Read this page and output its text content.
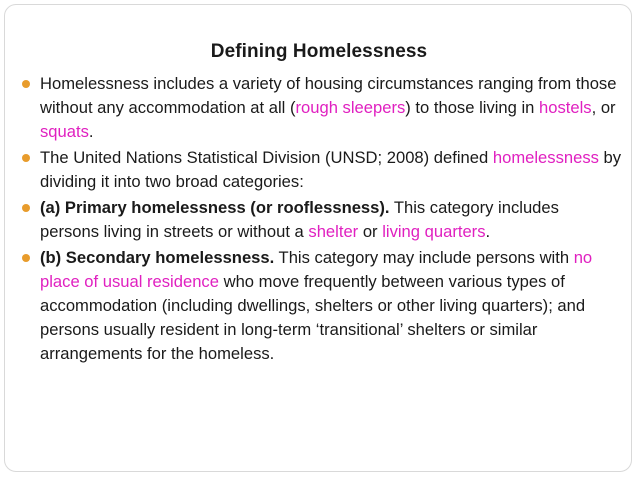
Defining Homelessness
Homelessness includes a variety of housing circumstances ranging from those without any accommodation at all (rough sleepers) to those living in hostels, or squats.
The United Nations Statistical Division (UNSD; 2008) defined homelessness by dividing it into two broad categories:
(a) Primary homelessness (or rooflessness). This category includes persons living in streets or without a shelter or living quarters.
(b) Secondary homelessness. This category may include persons with no place of usual residence who move frequently between various types of accommodation (including dwellings, shelters or other living quarters); and persons usually resident in long-term ‘transitional’ shelters or similar arrangements for the homeless.
